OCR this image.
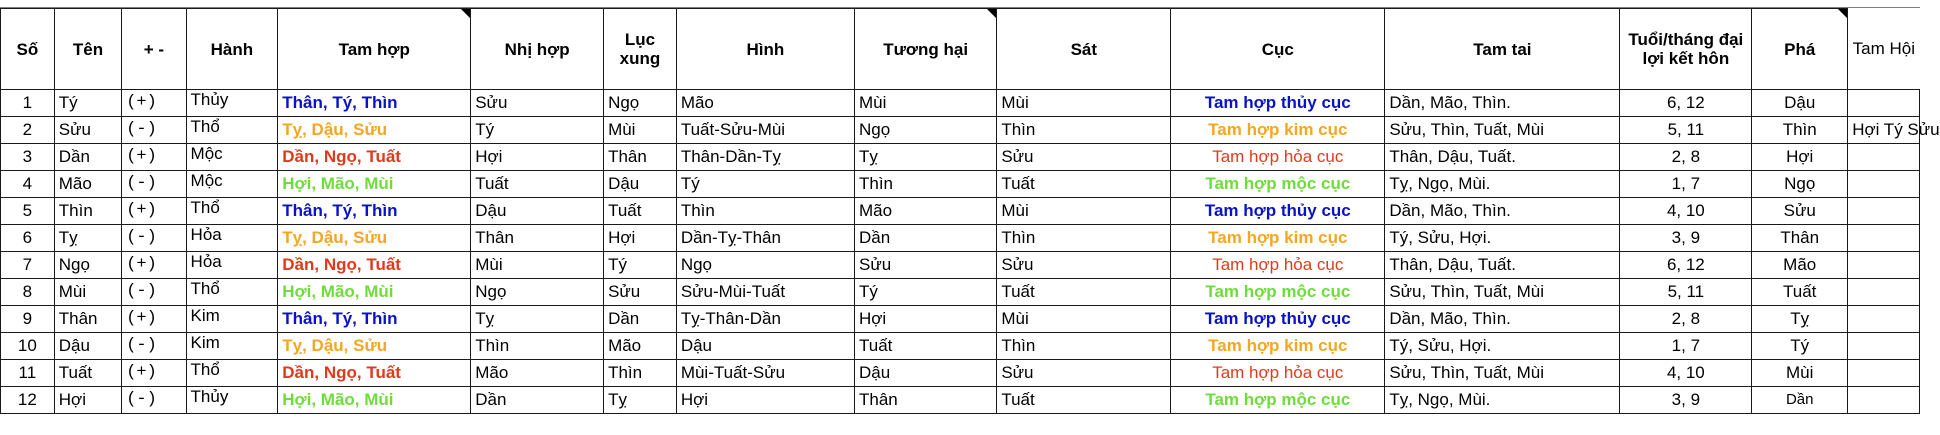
Số	Tên	+ -	Hành	Tam hợp	Nhị hợp	Lục xung	Hình	Tương hại	Sát	Cục	Tam tai	Tuổi/tháng đại lợi kết hôn	Phá	Tam Hội
1	Tý	(+)	Thủy	Thân, Tý, Thìn	Sửu	Ngọ	Mão	Mùi	Mùi	Tam hợp thủy cục	Dần, Mão, Thìn.	6, 12	Dậu	
2	Sửu	(-)	Thổ	Tỵ, Dậu, Sửu	Tý	Mùi	Tuất-Sửu-Mùi	Ngọ	Thìn	Tam hợp kim cục	Sửu, Thìn, Tuất, Mùi	5, 11	Thìn	Hợi Tý Sửu
3	Dần	(+)	Mộc	Dần, Ngọ, Tuất	Hợi	Thân	Thân-Dần-Tỵ	Tỵ	Sửu	Tam hợp hỏa cục	Thân, Dậu, Tuất.	2, 8	Hợi	
4	Mão	(-)	Mộc	Hợi, Mão, Mùi	Tuất	Dậu	Tý	Thìn	Tuất	Tam hợp mộc cục	Tỵ, Ngọ, Mùi.	1, 7	Ngọ	
5	Thìn	(+)	Thổ	Thân, Tý, Thìn	Dậu	Tuất	Thìn	Mão	Mùi	Tam hợp thủy cục	Dần, Mão, Thìn.	4, 10	Sửu	
6	Tỵ	(-)	Hỏa	Tỵ, Dậu, Sửu	Thân	Hợi	Dần-Tỵ-Thân	Dần	Thìn	Tam hợp kim cục	Tý, Sửu, Hợi.	3, 9	Thân	
7	Ngọ	(+)	Hỏa	Dần, Ngọ, Tuất	Mùi	Tý	Ngọ	Sửu	Sửu	Tam hợp hỏa cục	Thân, Dậu, Tuất.	6, 12	Mão	
8	Mùi	(-)	Thổ	Hợi, Mão, Mùi	Ngọ	Sửu	Sửu-Mùi-Tuất	Tý	Tuất	Tam hợp mộc cục	Sửu, Thìn, Tuất, Mùi	5, 11	Tuất	
9	Thân	(+)	Kim	Thân, Tý, Thìn	Tỵ	Dần	Tỵ-Thân-Dần	Hợi	Mùi	Tam hợp thủy cục	Dần, Mão, Thìn.	2, 8	Tỵ	
10	Dậu	(-)	Kim	Tỵ, Dậu, Sửu	Thìn	Mão	Dậu	Tuất	Thìn	Tam hợp kim cục	Tý, Sửu, Hợi.	1, 7	Tý	
11	Tuất	(+)	Thổ	Dần, Ngọ, Tuất	Mão	Thìn	Mùi-Tuất-Sửu	Dậu	Sửu	Tam hợp hỏa cục	Sửu, Thìn, Tuất, Mùi	4, 10	Mùi	
12	Hợi	(-)	Thủy	Hợi, Mão, Mùi	Dần	Tỵ	Hợi	Thân	Tuất	Tam hợp mộc cục	Tỵ, Ngọ, Mùi.	3, 9	Dần	
